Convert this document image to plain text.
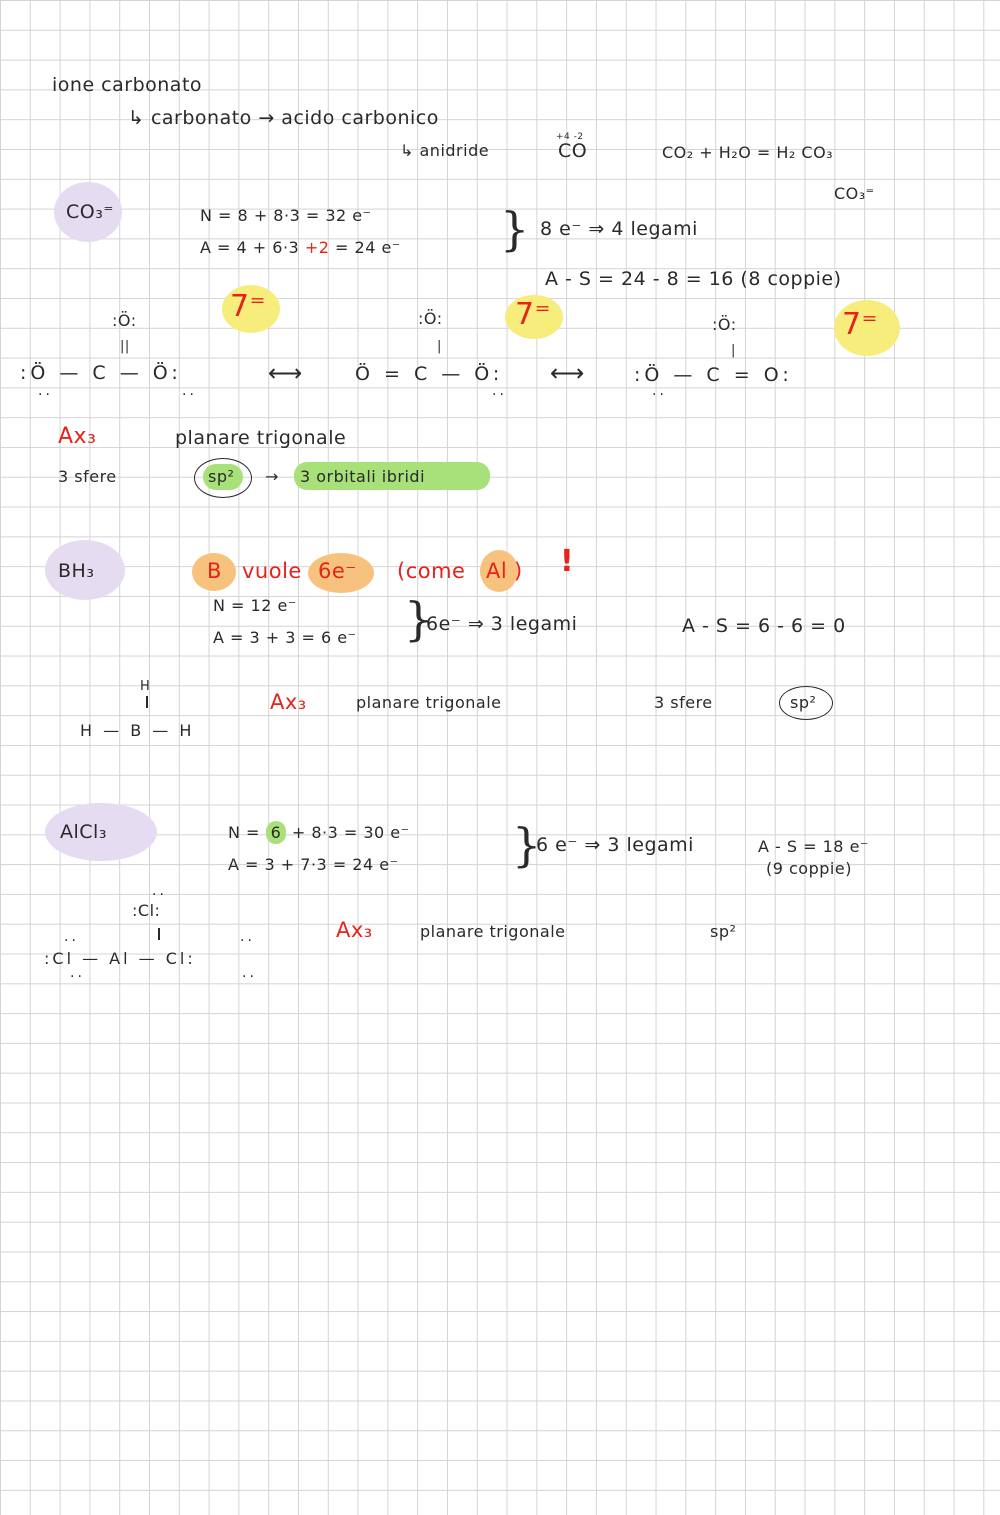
ione carbonato
↳ carbonato → acido carbonico
↳ anidride
+4 -2
CO	CO₂ + H₂O = H₂ CO₃
CO₃⁼
CO₃⁼	N = 8 + 8·3 = 32 e⁻
A = 4 + 6·3 +2 = 24 e⁻ } 8 e⁻ ⇒ 4 legami
A - S = 24 - 8 = 16 (8 coppie)
7⁼	7⁼	7⁼
:Ö:
||
:Ö — C — Ö:
··	··
⟷
:Ö:
|
Ö = C — Ö:
··
⟷
:Ö:
|
:Ö — C = O:
··
Ax₃	planare trigonale
3 sfere	sp² → 3 orbitali ibridi
BH₃	B vuole 6e⁻ (come Al ) !
N = 12 e⁻
A = 3 + 3 = 6 e⁻ }
6e⁻ ⇒ 3 legami	A - S = 6 - 6 = 0
H
H — B — H
Ax₃	planare trigonale	3 sfere	sp²
AlCl₃	N = 6 + 8·3 = 30 e⁻
A = 3 + 7·3 = 24 e⁻ }
6 e⁻ ⇒ 3 legami	A - S = 18 e⁻
(9 coppie)
:Cl:
··
··	··
:Cl — Al — Cl:
··	··
Ax₃	planare trigonale	sp²
